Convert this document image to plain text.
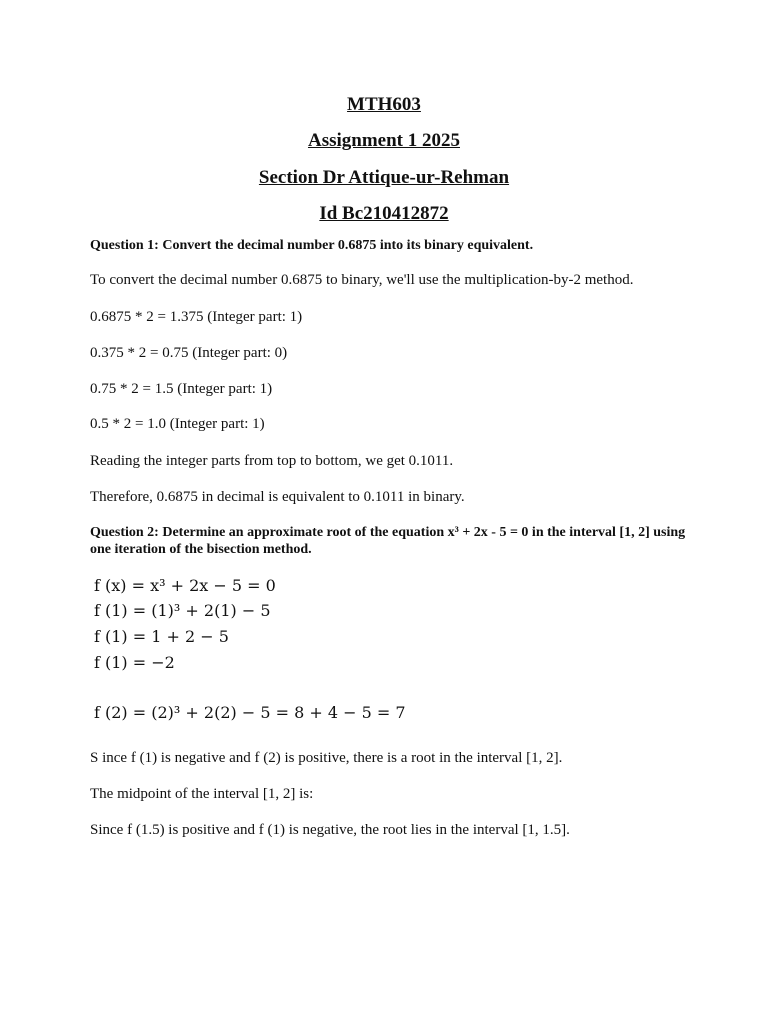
MTH603
Assignment 1 2025
Section Dr Attique-ur-Rehman
Id Bc210412872
Question 1: Convert the decimal number 0.6875 into its binary equivalent.
To convert the decimal number 0.6875 to binary, we'll use the multiplication-by-2 method.
0.6875 * 2 = 1.375 (Integer part: 1)
0.375 * 2 = 0.75 (Integer part: 0)
0.75 * 2 = 1.5 (Integer part: 1)
0.5 * 2 = 1.0 (Integer part: 1)
Reading the integer parts from top to bottom, we get 0.1011.
Therefore, 0.6875 in decimal is equivalent to 0.1011 in binary.
Question 2: Determine an approximate root of the equation x³ + 2x - 5 = 0 in the interval [1, 2] using
one iteration of the bisection method.
f (x) = x³ + 2x − 5 = 0
f (1) = (1)³ + 2(1) − 5
f (1) = 1 + 2 − 5
f (1) = −2
f (2) = (2)³ + 2(2) − 5 = 8 + 4 − 5 = 7
S ince f (1) is negative and f (2) is positive, there is a root in the interval [1, 2].
The midpoint of the interval [1, 2] is:
Since f (1.5) is positive and f (1) is negative, the root lies in the interval [1, 1.5].
